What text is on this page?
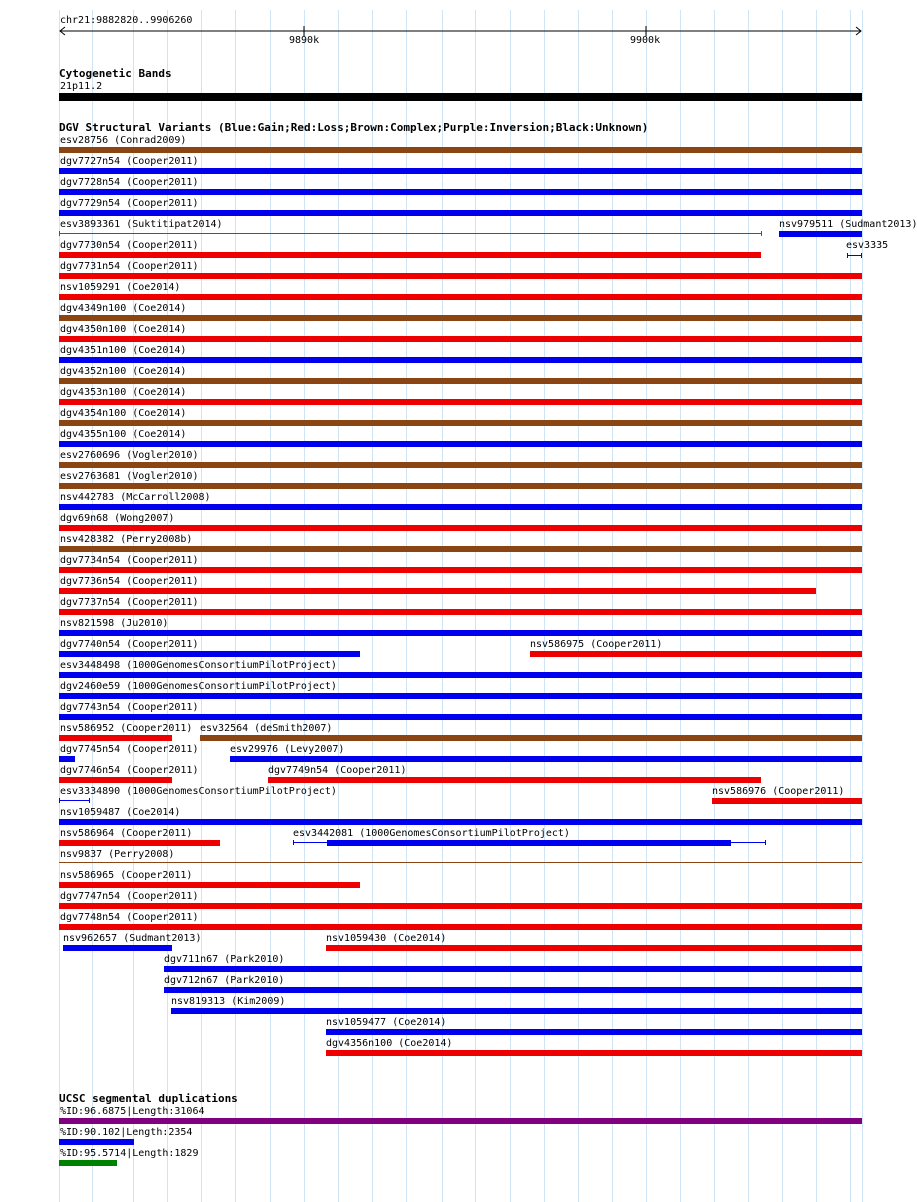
chr21:9882820..9906260
9890k	9900k
Cytogenetic Bands
21p11.2
DGV Structural Variants (Blue:Gain;Red:Loss;Brown:Complex;Purple:Inversion;Black:Unknown)
esv28756 (Conrad2009)
dgv7727n54 (Cooper2011)
dgv7728n54 (Cooper2011)
dgv7729n54 (Cooper2011)
esv3893361 (Suktitipat2014)	nsv979511 (Sudmant2013)
dgv7730n54 (Cooper2011)	esv3335
dgv7731n54 (Cooper2011)
nsv1059291 (Coe2014)
dgv4349n100 (Coe2014)
dgv4350n100 (Coe2014)
dgv4351n100 (Coe2014)
dgv4352n100 (Coe2014)
dgv4353n100 (Coe2014)
dgv4354n100 (Coe2014)
dgv4355n100 (Coe2014)
esv2760696 (Vogler2010)
esv2763681 (Vogler2010)
nsv442783 (McCarroll2008)
dgv69n68 (Wong2007)
nsv428382 (Perry2008b)
dgv7734n54 (Cooper2011)
dgv7736n54 (Cooper2011)
dgv7737n54 (Cooper2011)
nsv821598 (Ju2010)
dgv7740n54 (Cooper2011)	nsv586975 (Cooper2011)
esv3448498 (1000GenomesConsortiumPilotProject)
dgv2460e59 (1000GenomesConsortiumPilotProject)
dgv7743n54 (Cooper2011)
nsv586952 (Cooper2011) esv32564 (deSmith2007)
dgv7745n54 (Cooper2011)	esv29976 (Levy2007)
dgv7746n54 (Cooper2011)	dgv7749n54 (Cooper2011)
esv3334890 (1000GenomesConsortiumPilotProject)	nsv586976 (Cooper2011)
nsv1059487 (Coe2014)
nsv586964 (Cooper2011)	esv3442081 (1000GenomesConsortiumPilotProject)
nsv9837 (Perry2008)
nsv586965 (Cooper2011)
dgv7747n54 (Cooper2011)
dgv7748n54 (Cooper2011)
nsv962657 (Sudmant2013)	nsv1059430 (Coe2014)
dgv711n67 (Park2010)
dgv712n67 (Park2010)
nsv819313 (Kim2009)
nsv1059477 (Coe2014)
dgv4356n100 (Coe2014)
UCSC segmental duplications
%ID:96.6875|Length:31064
%ID:90.102|Length:2354
%ID:95.5714|Length:1829
